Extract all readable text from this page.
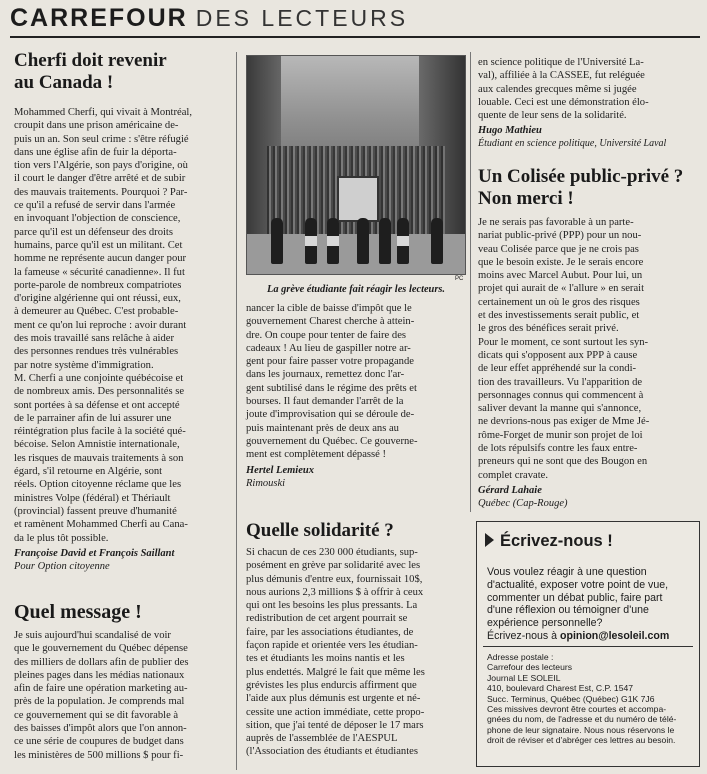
CARREFOUR DES LECTEURS
Cherfi doit revenir
au Canada !

Mohammed Cherfi, qui vivait à Montréal,
croupit dans une prison américaine de-
puis un an. Son seul crime : s'être réfugié
dans une église afin de fuir la déporta-
tion vers l'Algérie, son pays d'origine, où
il court le danger d'être arrêté et de subir
des mauvais traitements. Pourquoi ? Par-
ce qu'il a refusé de servir dans l'armée
en invoquant l'objection de conscience,
parce qu'il est un défenseur des droits
humains, parce qu'il est un militant. Cet
homme ne représente aucun danger pour
la fameuse « sécurité canadienne». Il fut
porte-parole de nombreux compatriotes
d'origine algérienne qui ont réussi, eux,
à demeurer au Québec. C'est probable-
ment ce qu'on lui reproche : avoir durant
des mois travaillé sans relâche à aider
des personnes rendues très vulnérables
par notre système d'immigration.
M. Cherfi a une conjointe québécoise et
de nombreux amis. Des personnalités se
sont portées à sa défense et ont accepté
de le parrainer afin de lui assurer une
réintégration plus facile à la société qué-
bécoise. Selon Amnistie internationale,
les risques de mauvais traitements à son
égard, s'il retourne en Algérie, sont
réels. Option citoyenne réclame que les
ministres Volpe (fédéral) et Thériault
(provincial) fassent preuve d'humanité
et ramènent Mohammed Cherfi au Cana-
da le plus tôt possible.

Françoise David et François Saillant

Pour Option citoyenne

Quel message !

Je suis aujourd'hui scandalisé de voir
que le gouvernement du Québec dépense
des milliers de dollars afin de publier des
pleines pages dans les médias nationaux
afin de faire une opération marketing au-
près de la population. Je comprends mal
ce gouvernement qui se dit favorable à
des baisses d'impôt alors que l'on annon-
ce une série de coupures de budget dans
les ministères de 500 millions $ pour fi-

PC
La grève étudiante fait réagir les lecteurs.

nancer la cible de baisse d'impôt que le
gouvernement Charest cherche à attein-
dre. On coupe pour tenter de faire des
cadeaux ! Au lieu de gaspiller notre ar-
gent pour faire passer votre propagande
dans les journaux, remettez donc l'ar-
gent subtilisé dans le régime des prêts et
bourses. Il faut demander l'arrêt de la
joute d'improvisation qui se déroule de-
puis maintenant près de deux ans au
gouvernement du Québec. Ce gouverne-
ment est complètement dépassé !

Hertel Lemieux

Rimouski

Quelle solidarité ?

Si chacun de ces 230 000 étudiants, sup-
posément en grève par solidarité avec les
plus démunis d'entre eux, fournissait 10$,
nous aurions 2,3 millions $ à offrir à ceux
qui ont les besoins les plus pressants. La
redistribution de cet argent pourrait se
faire, par les associations étudiantes, de
façon rapide et orientée vers les étudian-
tes et étudiants les moins nantis et les
plus endettés. Malgré le fait que même les
grévistes les plus endurcis affirment que
l'aide aux plus démunis est urgente et né-
cessite une action immédiate, cette propo-
sition, que j'ai tenté de déposer le 17 mars
auprès de l'assemblée de l'AESPUL
(l'Association des étudiants et étudiantes

en science politique de l'Université La-
val), affiliée à la CASSEE, fut reléguée
aux calendes grecques même si jugée
louable. Ceci est une démonstration élo-
quente de leur sens de la solidarité.

Hugo Mathieu

Étudiant en science politique, Université Laval

Un Colisée public-privé ?
Non merci !

Je ne serais pas favorable à un parte-
nariat public-privé (PPP) pour un nou-
veau Colisée parce que je ne crois pas
que le besoin existe. Je le serais encore
moins avec Marcel Aubut. Pour lui, un
projet qui aurait de « l'allure » en serait
certainement un où le gros des risques
et des investissements serait public, et
le gros des bénéfices serait privé.
Pour le moment, ce sont surtout les syn-
dicats qui s'opposent aux PPP à cause
de leur effet appréhendé sur la condi-
tion des travailleurs. Vu l'apparition de
personnages connus qui commencent à
saliver devant la manne qui s'annonce,
ne devrions-nous pas exiger de Mme Jé-
rôme-Forget de munir son projet de loi
de lots répulsifs contre les faux entre-
preneurs qui ne sont que des Bougon en
complet cravate.

Gérard Lahaie

Québec (Cap-Rouge)

Écrivez-nous !
Vous voulez réagir à une question
d'actualité, exposer votre point de vue,
commenter un débat public, faire part
d'une réflexion ou témoigner d'une
expérience personnelle?
Écrivez-nous à opinion@lesoleil.com
Adresse postale :
Carrefour des lecteurs
Journal LE SOLEIL
410, boulevard Charest Est, C.P. 1547
Succ. Terminus, Québec (Québec) G1K 7J6
Ces missives devront être courtes et accompa-
gnées du nom, de l'adresse et du numéro de télé-
phone de leur signataire. Nous nous réservons le
droit de réviser et d'abréger ces lettres au besoin.
